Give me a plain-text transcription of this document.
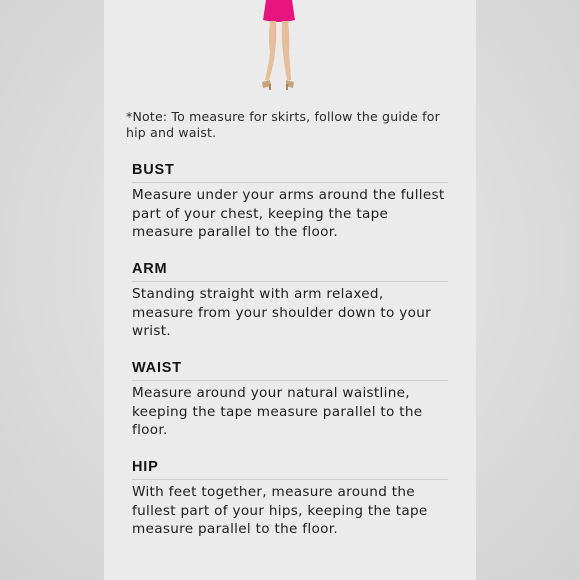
*Note: To measure for skirts, follow the guide for hip and waist.
BUST
Measure under your arms around the fullest part of your chest, keeping the tape measure parallel to the floor.
ARM
Standing straight with arm relaxed, measure from your shoulder down to your wrist.
WAIST
Measure around your natural waistline, keeping the tape measure parallel to the floor.
HIP
With feet together, measure around the fullest part of your hips, keeping the tape measure parallel to the floor.
